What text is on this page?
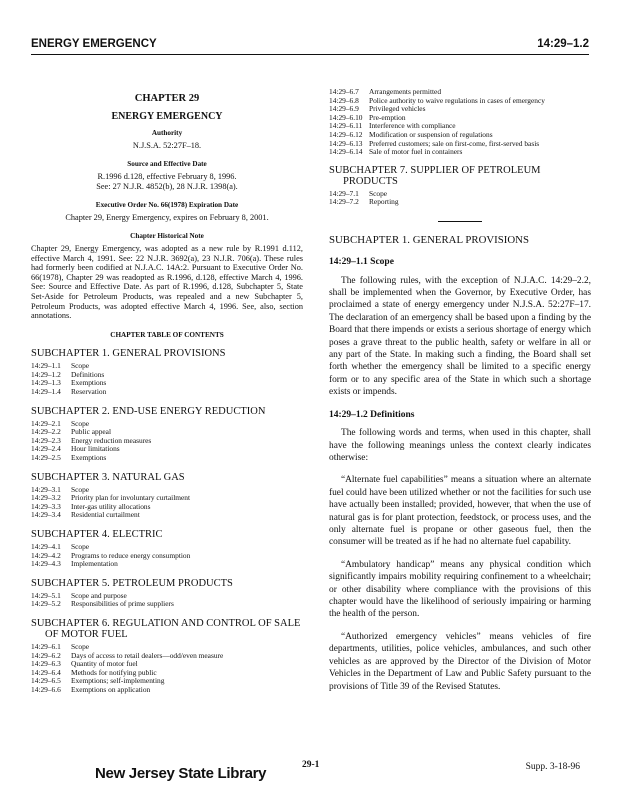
ENERGY EMERGENCY	14:29–1.2
CHAPTER 29
ENERGY EMERGENCY
Authority
N.J.S.A. 52:27F–18.
Source and Effective Date
R.1996 d.128, effective February 8, 1996.
See: 27 N.J.R. 4852(b), 28 N.J.R. 1398(a).
Executive Order No. 66(1978) Expiration Date
Chapter 29, Energy Emergency, expires on February 8, 2001.
Chapter Historical Note
Chapter 29, Energy Emergency, was adopted as a new rule by R.1991 d.112, effective March 4, 1991. See: 22 N.J.R. 3692(a), 23 N.J.R. 706(a). These rules had formerly been codified at N.J.A.C. 14A:2. Pursuant to Executive Order No. 66(1978), Chapter 29 was readopted as R.1996, d.128, effective March 4, 1996. See: Source and Effective Date. As part of R.1996, d.128, Subchapter 5, State Set-Aside for Petroleum Products, was repealed and a new Subchapter 5, Petroleum Products, was adopted effective March 4, 1996. See, also, section annotations.
CHAPTER TABLE OF CONTENTS
SUBCHAPTER 1. GENERAL PROVISIONS
14:29–1.1	Scope
14:29–1.2	Definitions
14:29–1.3	Exemptions
14:29–1.4	Reservation
SUBCHAPTER 2. END-USE ENERGY REDUCTION
14:29–2.1	Scope
14:29–2.2	Public appeal
14:29–2.3	Energy reduction measures
14:29–2.4	Hour limitations
14:29–2.5	Exemptions
SUBCHAPTER 3. NATURAL GAS
14:29–3.1	Scope
14:29–3.2	Priority plan for involuntary curtailment
14:29–3.3	Inter-gas utility allocations
14:29–3.4	Residential curtailment
SUBCHAPTER 4. ELECTRIC
14:29–4.1	Scope
14:29–4.2	Programs to reduce energy consumption
14:29–4.3	Implementation
SUBCHAPTER 5. PETROLEUM PRODUCTS
14:29–5.1	Scope and purpose
14:29–5.2	Responsibilities of prime suppliers
SUBCHAPTER 6. REGULATION AND CONTROL OF SALE OF MOTOR FUEL
14:29–6.1	Scope
14:29–6.2	Days of access to retail dealers—odd/even measure
14:29–6.3	Quantity of motor fuel
14:29–6.4	Methods for notifying public
14:29–6.5	Exemptions; self-implementing
14:29–6.6	Exemptions on application
14:29–6.7	Arrangements permitted
14:29–6.8	Police authority to waive regulations in cases of emergency
14:29–6.9	Privileged vehicles
14:29–6.10 Pre-emption
14:29–6.11 Interference with compliance
14:29–6.12 Modification or suspension of regulations
14:29–6.13 Preferred customers; sale on first-come, first-served basis
14:29–6.14 Sale of motor fuel in containers
SUBCHAPTER 7. SUPPLIER OF PETROLEUM PRODUCTS
14:29–7.1	Scope
14:29–7.2	Reporting
SUBCHAPTER 1. GENERAL PROVISIONS
14:29–1.1 Scope
The following rules, with the exception of N.J.A.C. 14:29–2.2, shall be implemented when the Governor, by Executive Order, has proclaimed a state of energy emergency under N.J.S.A. 52:27F–17. The declaration of an emergency shall be based upon a finding by the Board that there impends or exists a serious shortage of energy which poses a grave threat to the public health, safety or welfare in all or any part of the State. In making such a finding, the Board shall set forth whether the emergency shall be limited to a specific energy form or to any specific area of the State in which such a shortage exists or impends.
14:29–1.2 Definitions
The following words and terms, when used in this chapter, shall have the following meanings unless the context clearly indicates otherwise:
“Alternate fuel capabilities” means a situation where an alternate fuel could have been utilized whether or not the facilities for such use have actually been installed; provided, however, that when the use of natural gas is for plant protection, feedstock, or process uses, and the only alternate fuel is propane or other gaseous fuel, then the consumer will be treated as if he had no alternate fuel capability.
“Ambulatory handicap” means any physical condition which significantly impairs mobility requiring confinement to a wheelchair; or other disability where compliance with the provisions of this chapter would have the likelihood of seriously impairing or harming the health of the person.
“Authorized emergency vehicles” means vehicles of fire departments, utilities, police vehicles, ambulances, and such other vehicles as are approved by the Director of the Division of Motor Vehicles in the Department of Law and Public Safety pursuant to the provisions of Title 39 of the Revised Statutes.
New Jersey State Library	29-1	Supp. 3-18-96
